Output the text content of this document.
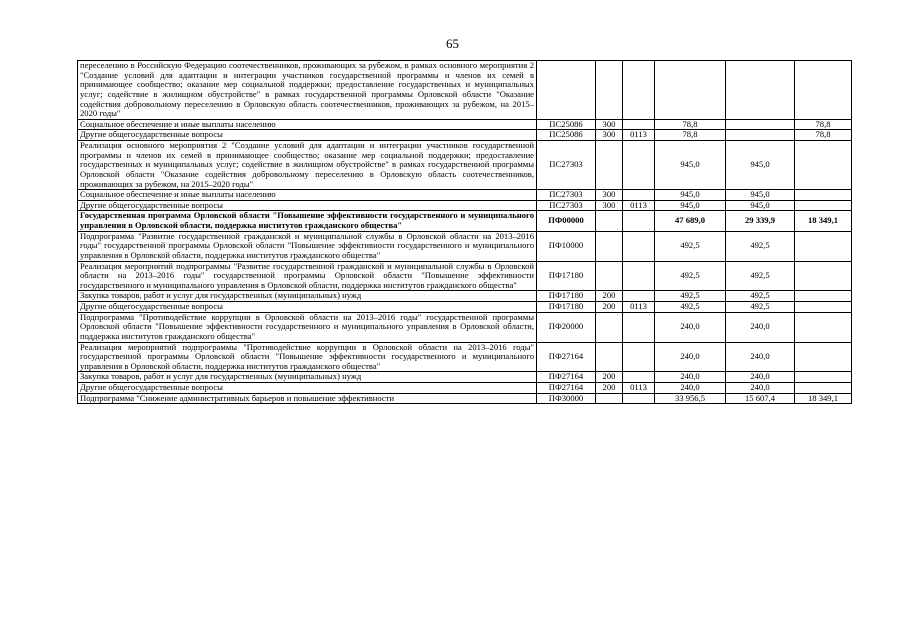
65
переселению в Российскую Федерацию соотечественников, проживающих за рубежом, в рамках основного мероприятия 2 "Создание условий для адаптации и интеграции участников государственной программы и членов их семей в принимающее сообщество; оказание мер социальной поддержки; предоставление государственных и муниципальных услуг; содействие в жилищном обустройстве" в рамках государственной программы Орловской области "Оказание содействия добровольному переселению в Орловскую область соотечественников, проживающих за рубежом, на 2015–2020 годы"						
Социальное обеспечение и иные выплаты населению	ПС25086	300		78,8		78,8
Другие общегосударственные вопросы	ПС25086	300	0113	78,8		78,8
Реализация основного мероприятия 2 "Создание условий для адаптации и интеграции участников государственной программы и членов их семей в принимающее сообщество; оказание мер социальной поддержки; предоставление государственных и муниципальных услуг; содействие в жилищном обустройстве" в рамках государственной программы Орловской области "Оказание содействия добровольному переселению в Орловскую область соотечественников, проживающих за рубежом, на 2015–2020 годы"	ПС27303			945,0	945,0	
Социальное обеспечение и иные выплаты населению	ПС27303	300		945,0	945,0	
Другие общегосударственные вопросы	ПС27303	300	0113	945,0	945,0	
Государственная программа Орловской области "Повышение эффективности государственного и муниципального управления в Орловской области, поддержка институтов гражданского общества"	ПФ00000			47 689,0	29 339,9	18 349,1
Подпрограмма "Развитие государственной гражданской и муниципальной службы в Орловской области на 2013–2016 годы" государственной программы Орловской области "Повышение эффективности государственного и муниципального управления в Орловской области, поддержка институтов гражданского общества"	ПФ10000			492,5	492,5	
Реализация мероприятий подпрограммы "Развитие государственной гражданской и муниципальной службы в Орловской области на 2013–2016 годы" государственной программы Орловской области "Повышение эффективности государственного и муниципального управления в Орловской области, поддержка институтов гражданского общества"	ПФ17180			492,5	492,5	
Закупка товаров, работ и услуг для государственных (муниципальных) нужд	ПФ17180	200		492,5	492,5	
Другие общегосударственные вопросы	ПФ17180	200	0113	492,5	492,5	
Подпрограмма "Противодействие коррупции в Орловской области на 2013–2016 годы" государственной программы Орловской области "Повышение эффективности государственного и муниципального управления в Орловской области, поддержка институтов гражданского общества"	ПФ20000			240,0	240,0	
Реализация мероприятий подпрограммы "Противодействие коррупции в Орловской области на 2013–2016 годы" государственной программы Орловской области "Повышение эффективности государственного и муниципального управления в Орловской области, поддержка институтов гражданского общества"	ПФ27164			240,0	240,0	
Закупка товаров, работ и услуг для государственных (муниципальных) нужд	ПФ27164	200		240,0	240,0	
Другие общегосударственные вопросы	ПФ27164	200	0113	240,0	240,0	
Подпрограмма "Снижение административных барьеров и повышение эффективности	ПФ30000			33 956,5	15 607,4	18 349,1
